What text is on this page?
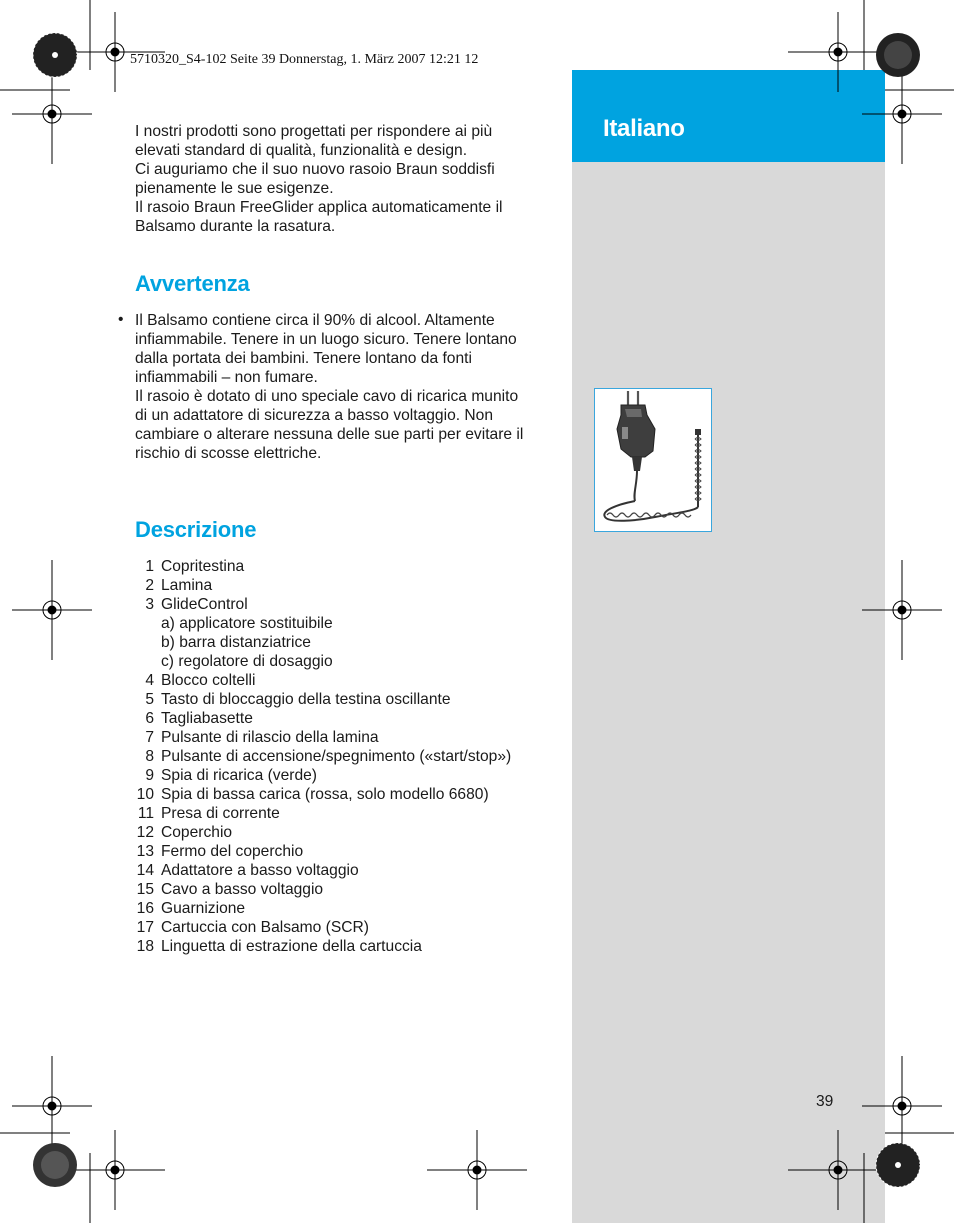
Italiano
5710320_S4-102 Seite 39 Donnerstag, 1. März 2007 12:21 12

I nostri prodotti sono progettati per rispondere ai più

elevati standard di qualità, funzionalità e design.

Ci auguriamo che il suo nuovo rasoio Braun soddisfi

pienamente le sue esigenze.

Il rasoio Braun FreeGlider applica automaticamente il

Balsamo durante la rasatura.

Avvertenza
• Il Balsamo contiene circa il 90% di alcool. Altamente

infiammabile. Tenere in un luogo sicuro. Tenere lontano

dalla portata dei bambini. Tenere lontano da fonti

infiammabili – non fumare.

Il rasoio è dotato di uno speciale cavo di ricarica munito

di un adattatore di sicurezza a basso voltaggio. Non

cambiare o alterare nessuna delle sue parti per evitare il

rischio di scosse elettriche.

Descrizione
1 Copritestina
2 Lamina
3 GlideControl
a) applicatore sostituibile
b) barra distanziatrice
c) regolatore di dosaggio
4 Blocco coltelli
5 Tasto di bloccaggio della testina oscillante
6 Tagliabasette
7 Pulsante di rilascio della lamina
8 Pulsante di accensione/spegnimento («start/stop»)
9 Spia di ricarica (verde)
10 Spia di bassa carica (rossa, solo modello 6680)
11 Presa di corrente
12 Coperchio
13 Fermo del coperchio
14 Adattatore a basso voltaggio
15 Cavo a basso voltaggio
16 Guarnizione
17 Cartuccia con Balsamo (SCR)
18 Linguetta di estrazione della cartuccia
39
